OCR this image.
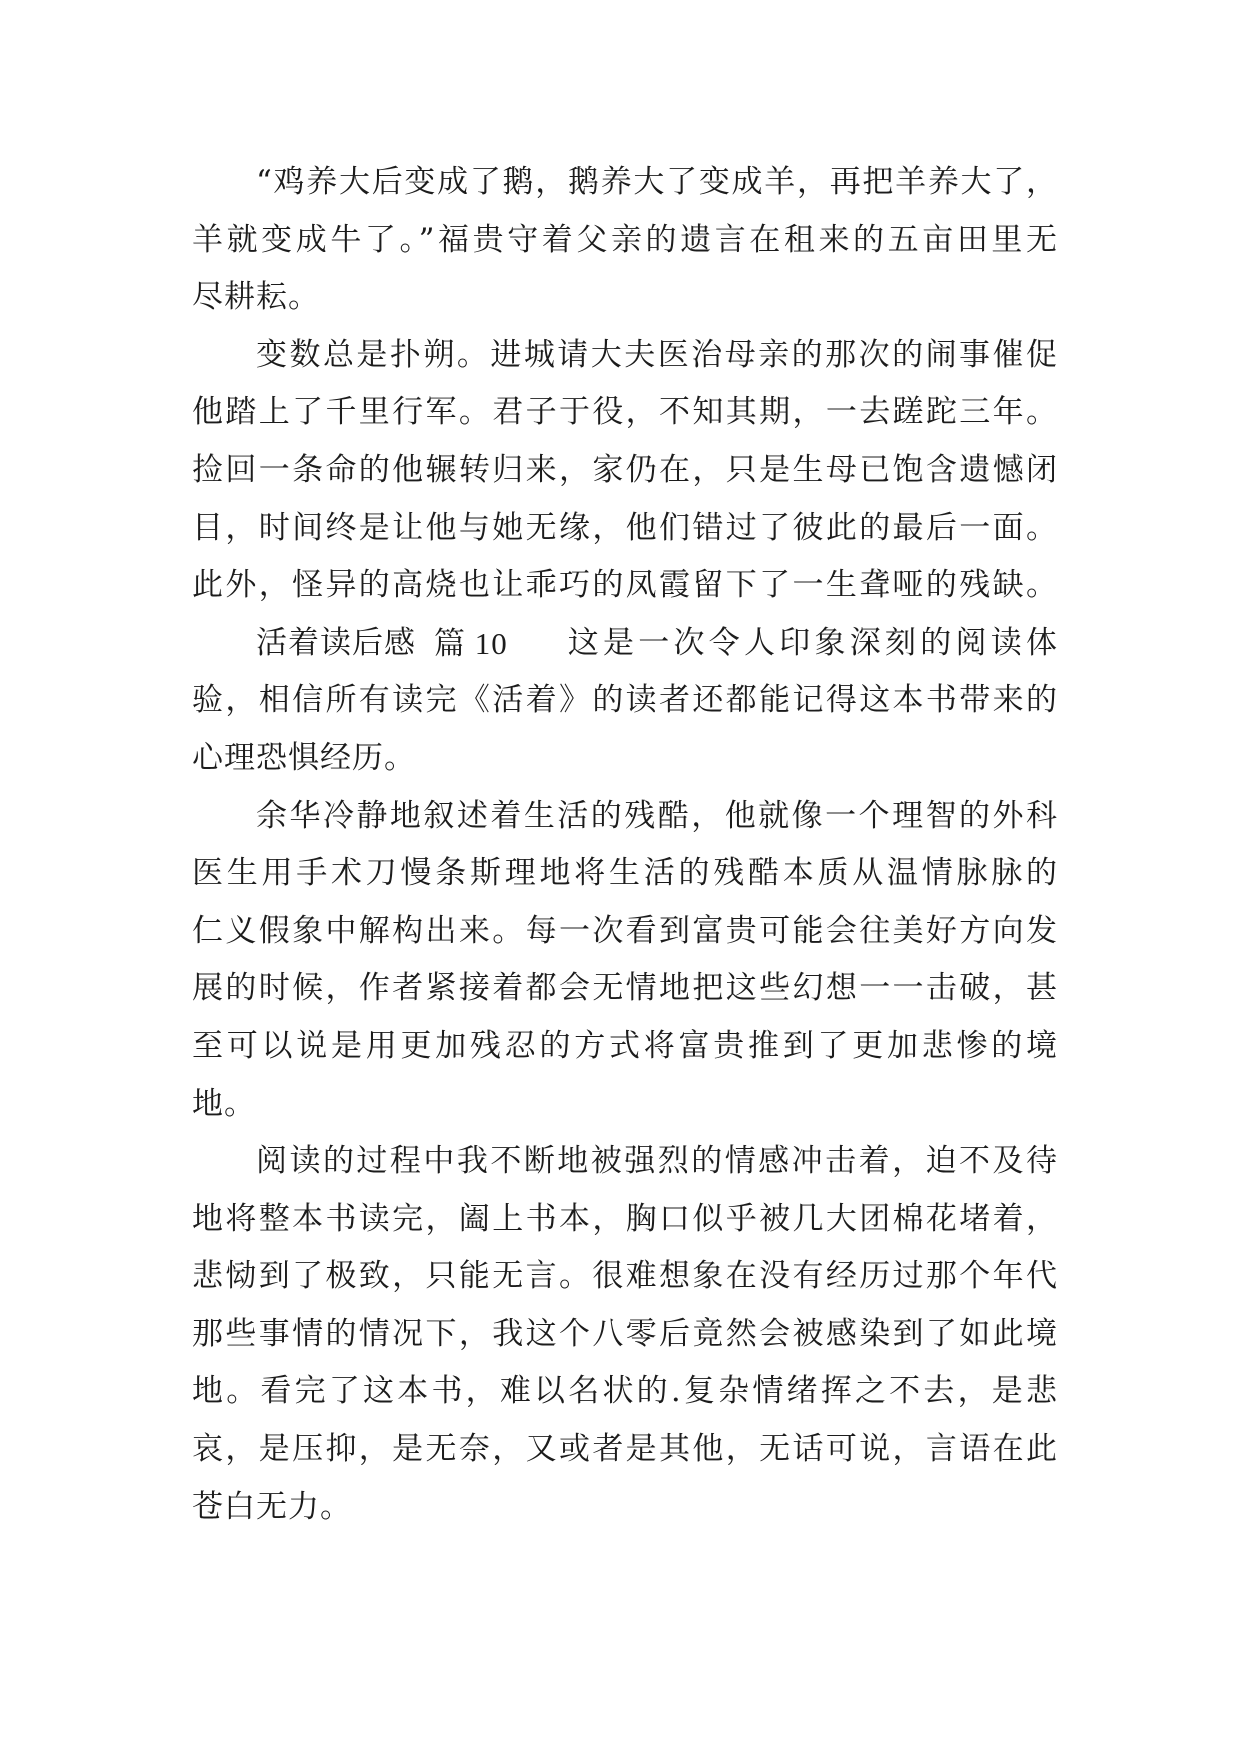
“鸡养大后变成了鹅，鹅养大了变成羊，再把羊养大了，
羊就变成牛了。”福贵守着父亲的遗言在租来的五亩田里无
尽耕耘。
变数总是扑朔。进城请大夫医治母亲的那次的闹事催促
他踏上了千里行军。君子于役，不知其期，一去蹉跎三年。
捡回一条命的他辗转归来，家仍在，只是生母已饱含遗憾闭
目，时间终是让他与她无缘，他们错过了彼此的最后一面。
此外，怪异的高烧也让乖巧的凤霞留下了一生聋哑的残缺。
活着读后感 篇 10 这是一次令人印象深刻的阅读体
验，相信所有读完《活着》的读者还都能记得这本书带来的
心理恐惧经历。
余华冷静地叙述着生活的残酷，他就像一个理智的外科
医生用手术刀慢条斯理地将生活的残酷本质从温情脉脉的
仁义假象中解构出来。每一次看到富贵可能会往美好方向发
展的时候，作者紧接着都会无情地把这些幻想一一击破，甚
至可以说是用更加残忍的方式将富贵推到了更加悲惨的境
地。
阅读的过程中我不断地被强烈的情感冲击着，迫不及待
地将整本书读完，阖上书本，胸口似乎被几大团棉花堵着，
悲恸到了极致，只能无言。很难想象在没有经历过那个年代
那些事情的情况下，我这个八零后竟然会被感染到了如此境
地。看完了这本书，难以名状的.复杂情绪挥之不去，是悲
哀，是压抑，是无奈，又或者是其他，无话可说，言语在此
苍白无力。
